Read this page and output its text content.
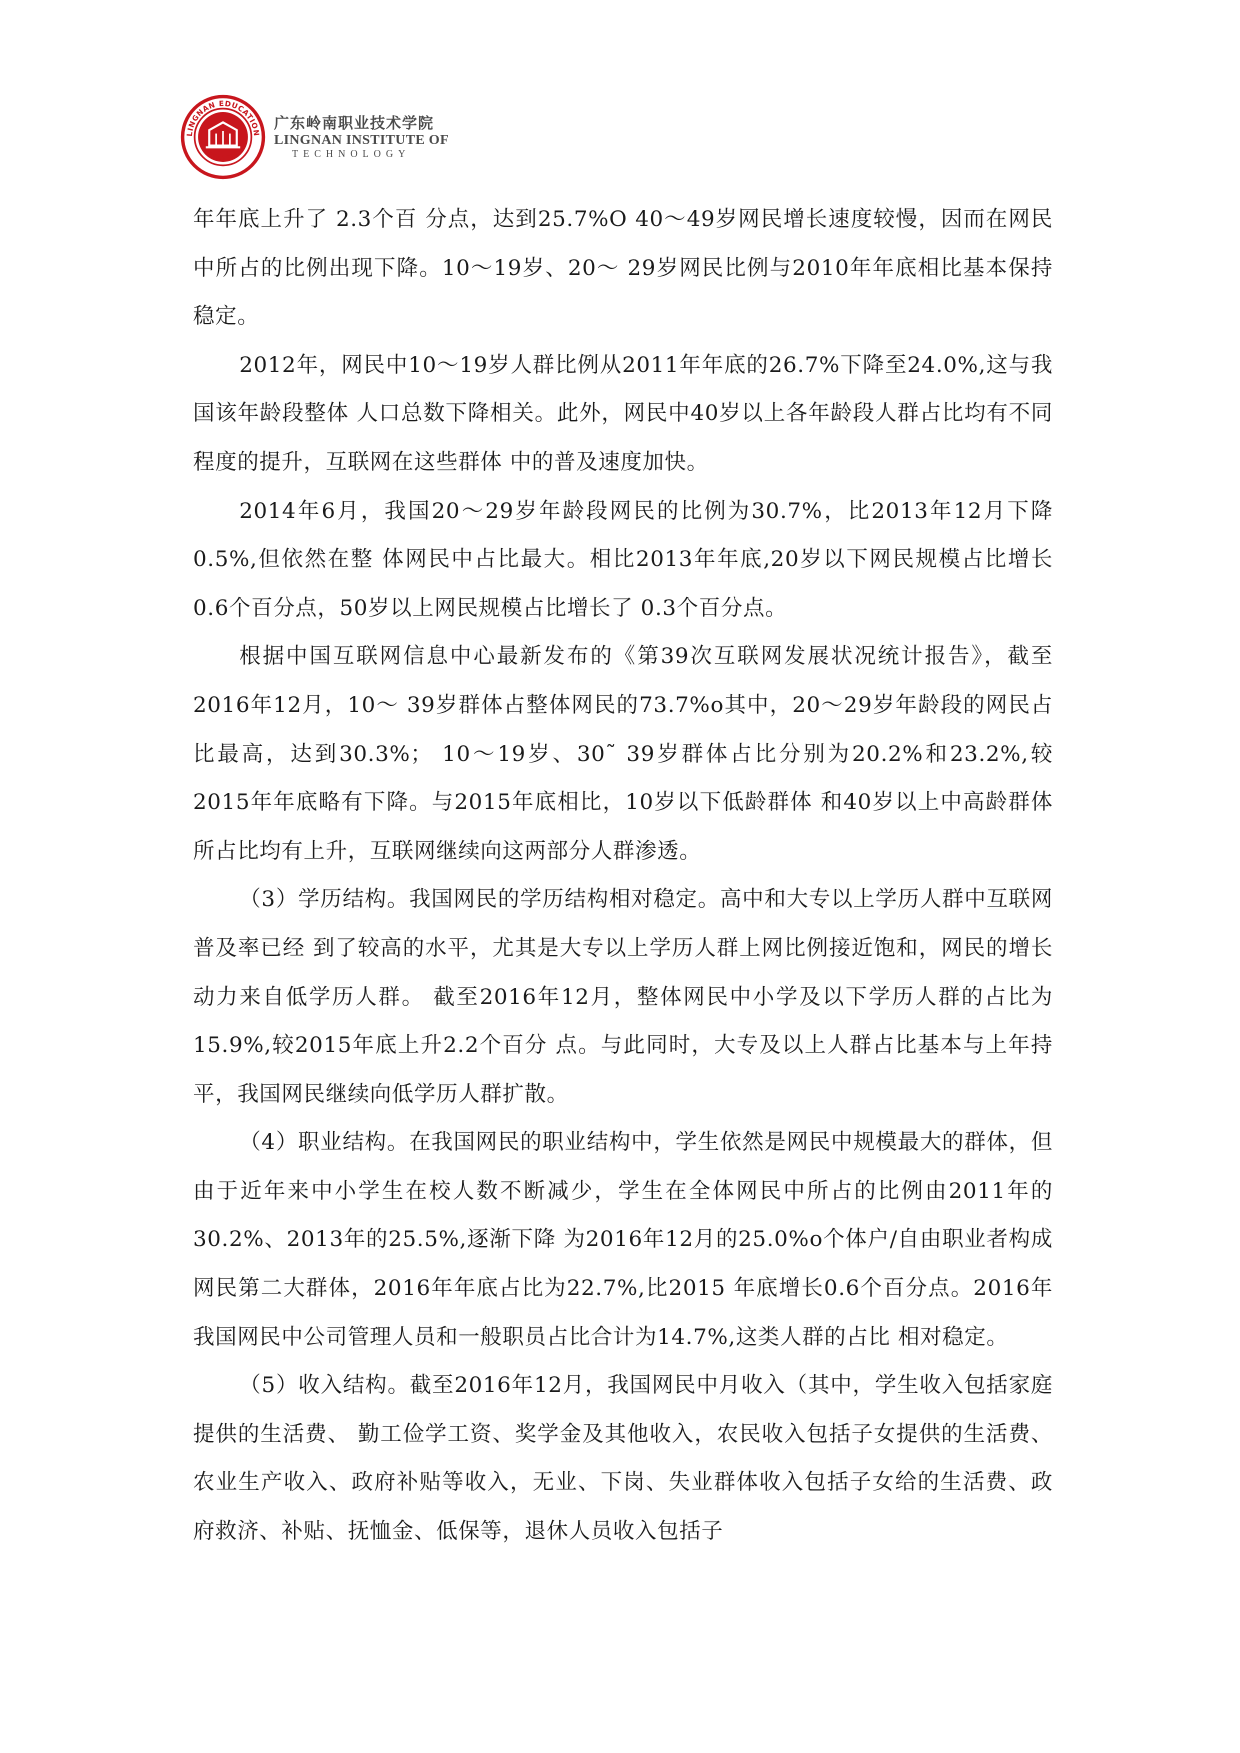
LINGNAN EDUCATION
EST.1993
广东岭南职业技术学院
LINGNAN INSTITUTE OF
TECHNOLOGY

年年底上升了 2.3个百 分点，达到25.7%O 40〜49岁网民增长速度较慢，因而在网民中所占的比例出现下降。10〜19岁、20〜 29岁网民比例与2010年年底相比基本保持稳定。

2012年，网民中10〜19岁人群比例从2011年年底的26.7%下降至24.0%,这与我国该年龄段整体 人口总数下降相关。此外，网民中40岁以上各年龄段人群占比均有不同程度的提升，互联网在这些群体 中的普及速度加快。

2014年6月，我国20〜29岁年龄段网民的比例为30.7%，比2013年12月下降0.5%,但依然在整 体网民中占比最大。相比2013年年底,20岁以下网民规模占比增长0.6个百分点，50岁以上网民规模占比增长了 0.3个百分点。

根据中国互联网信息中心最新发布的《第39次互联网发展状况统计报告》，截至2016年12月，10〜 39岁群体占整体网民的73.7%o其中，20〜29岁年龄段的网民占比最高，达到30.3%； 10〜19岁、30˜ 39岁群体占比分别为20.2%和23.2%,较2015年年底略有下降。与2015年底相比，10岁以下低龄群体 和40岁以上中高龄群体所占比均有上升，互联网继续向这两部分人群渗透。

（3）学历结构。我国网民的学历结构相对稳定。高中和大专以上学历人群中互联网普及率已经 到了较高的水平，尤其是大专以上学历人群上网比例接近饱和，网民的增长动力来自低学历人群。 截至2016年12月，整体网民中小学及以下学历人群的占比为15.9%,较2015年底上升2.2个百分 点。与此同时，大专及以上人群占比基本与上年持平，我国网民继续向低学历人群扩散。

（4）职业结构。在我国网民的职业结构中，学生依然是网民中规模最大的群体，但由于近年来中小学生在校人数不断减少，学生在全体网民中所占的比例由2011年的30.2%、2013年的25.5%,逐渐下降 为2016年12月的25.0%o个体户/自由职业者构成网民第二大群体，2016年年底占比为22.7%,比2015 年底增长0.6个百分点。2016年我国网民中公司管理人员和一般职员占比合计为14.7%,这类人群的占比 相对稳定。

（5）收入结构。截至2016年12月，我国网民中月收入（其中，学生收入包括家庭提供的生活费、 勤工俭学工资、奖学金及其他收入，农民收入包括子女提供的生活费、农业生产收入、政府补贴等收入，无业、下岗、失业群体收入包括子女给的生活费、政府救济、补贴、抚恤金、低保等，退休人员收入包括子
